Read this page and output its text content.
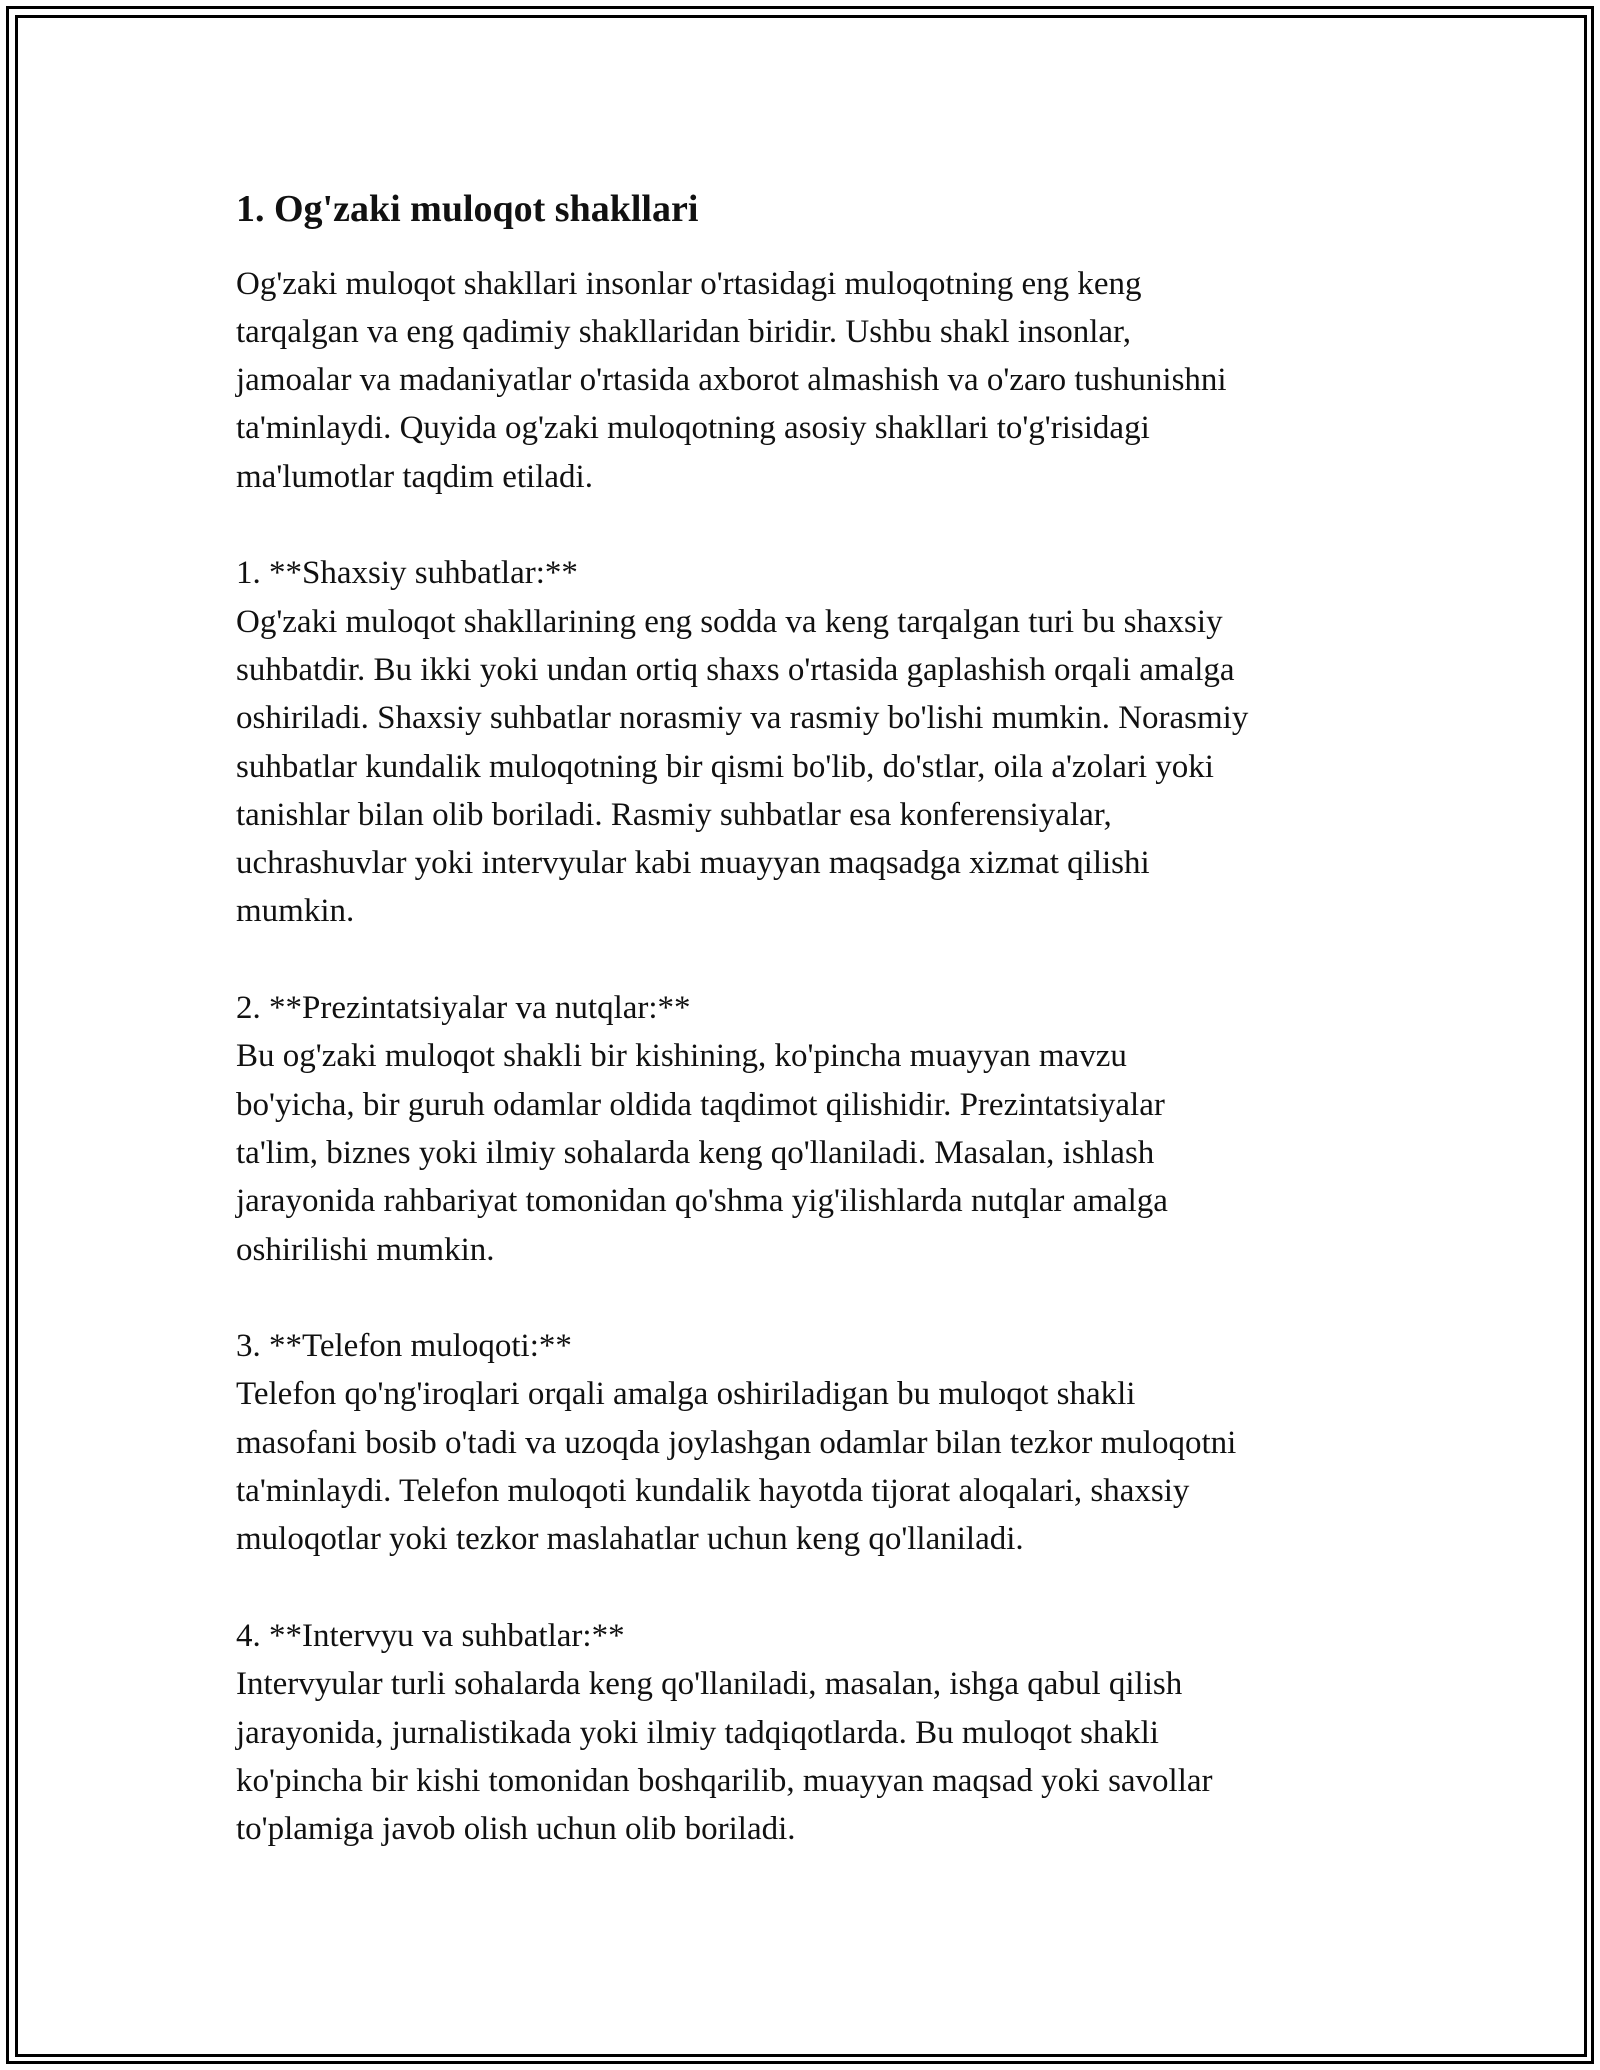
1. Og'zaki muloqot shakllari

Og'zaki muloqot shakllari insonlar o'rtasidagi muloqotning eng keng
tarqalgan va eng qadimiy shakllaridan biridir. Ushbu shakl insonlar,
jamoalar va madaniyatlar o'rtasida axborot almashish va o'zaro tushunishni
ta'minlaydi. Quyida og'zaki muloqotning asosiy shakllari to'g'risidagi
ma'lumotlar taqdim etiladi.

1. **Shaxsiy suhbatlar:**

Og'zaki muloqot shakllarining eng sodda va keng tarqalgan turi bu shaxsiy
suhbatdir. Bu ikki yoki undan ortiq shaxs o'rtasida gaplashish orqali amalga
oshiriladi. Shaxsiy suhbatlar norasmiy va rasmiy bo'lishi mumkin. Norasmiy
suhbatlar kundalik muloqotning bir qismi bo'lib, do'stlar, oila a'zolari yoki
tanishlar bilan olib boriladi. Rasmiy suhbatlar esa konferensiyalar,
uchrashuvlar yoki intervyular kabi muayyan maqsadga xizmat qilishi
mumkin.

2. **Prezintatsiyalar va nutqlar:**

Bu og'zaki muloqot shakli bir kishining, ko'pincha muayyan mavzu
bo'yicha, bir guruh odamlar oldida taqdimot qilishidir. Prezintatsiyalar
ta'lim, biznes yoki ilmiy sohalarda keng qo'llaniladi. Masalan, ishlash
jarayonida rahbariyat tomonidan qo'shma yig'ilishlarda nutqlar amalga
oshirilishi mumkin.

3. **Telefon muloqoti:**

Telefon qo'ng'iroqlari orqali amalga oshiriladigan bu muloqot shakli
masofani bosib o'tadi va uzoqda joylashgan odamlar bilan tezkor muloqotni
ta'minlaydi. Telefon muloqoti kundalik hayotda tijorat aloqalari, shaxsiy
muloqotlar yoki tezkor maslahatlar uchun keng qo'llaniladi.

4. **Intervyu va suhbatlar:**

Intervyular turli sohalarda keng qo'llaniladi, masalan, ishga qabul qilish
jarayonida, jurnalistikada yoki ilmiy tadqiqotlarda. Bu muloqot shakli
ko'pincha bir kishi tomonidan boshqarilib, muayyan maqsad yoki savollar
to'plamiga javob olish uchun olib boriladi.
